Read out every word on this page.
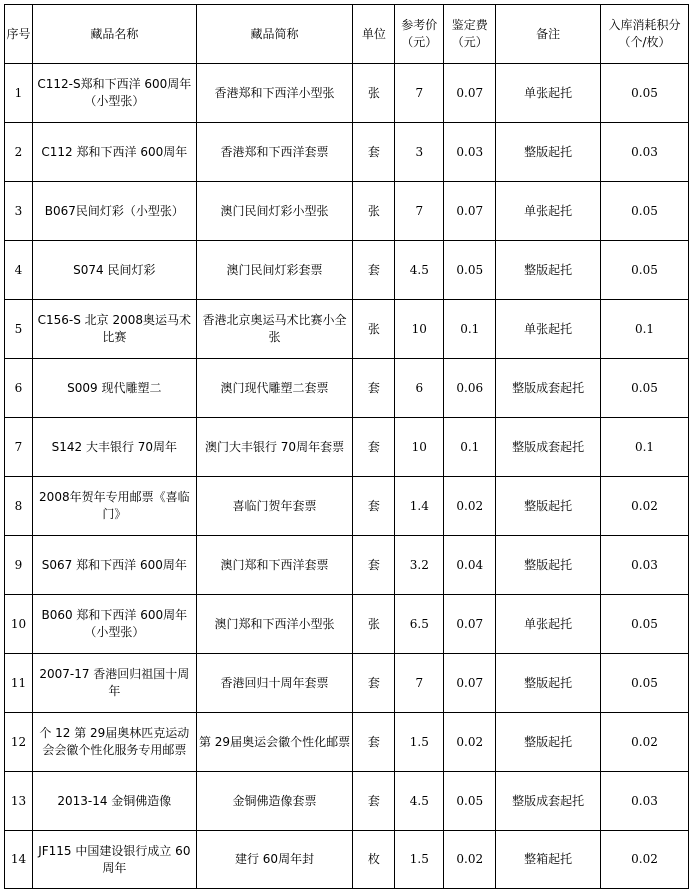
序号	藏品名称	藏品简称	单位	参考价（元）	鉴定费（元）	备注	入库消耗积分（个/枚）
1	C112-S郑和下西洋 600周年（小型张）	香港郑和下西洋小型张	张	7	0.07	单张起托	0.05
2	C112 郑和下西洋 600周年	香港郑和下西洋套票	套	3	0.03	整版起托	0.03
3	B067民间灯彩（小型张）	澳门民间灯彩小型张	张	7	0.07	单张起托	0.05
4	S074 民间灯彩	澳门民间灯彩套票	套	4.5	0.05	整版起托	0.05
5	C156-S 北京 2008奥运马术比赛	香港北京奥运马术比赛小全张	张	10	0.1	单张起托	0.1
6	S009 现代雕塑二	澳门现代雕塑二套票	套	6	0.06	整版成套起托	0.05
7	S142 大丰银行 70周年	澳门大丰银行 70周年套票	套	10	0.1	整版成套起托	0.1
8	2008年贺年专用邮票《喜临门》	喜临门贺年套票	套	1.4	0.02	整版起托	0.02
9	S067 郑和下西洋 600周年	澳门郑和下西洋套票	套	3.2	0.04	整版起托	0.03
10	B060 郑和下西洋 600周年（小型张）	澳门郑和下西洋小型张	张	6.5	0.07	单张起托	0.05
11	2007-17 香港回归祖国十周年	香港回归十周年套票	套	7	0.07	整版起托	0.05
12	个 12 第 29届奥林匹克运动会会徽个性化服务专用邮票	第 29届奥运会徽个性化邮票	套	1.5	0.02	整版起托	0.02
13	2013-14 金铜佛造像	金铜佛造像套票	套	4.5	0.05	整版成套起托	0.03
14	JF115 中国建设银行成立 60周年	建行 60周年封	枚	1.5	0.02	整箱起托	0.02
